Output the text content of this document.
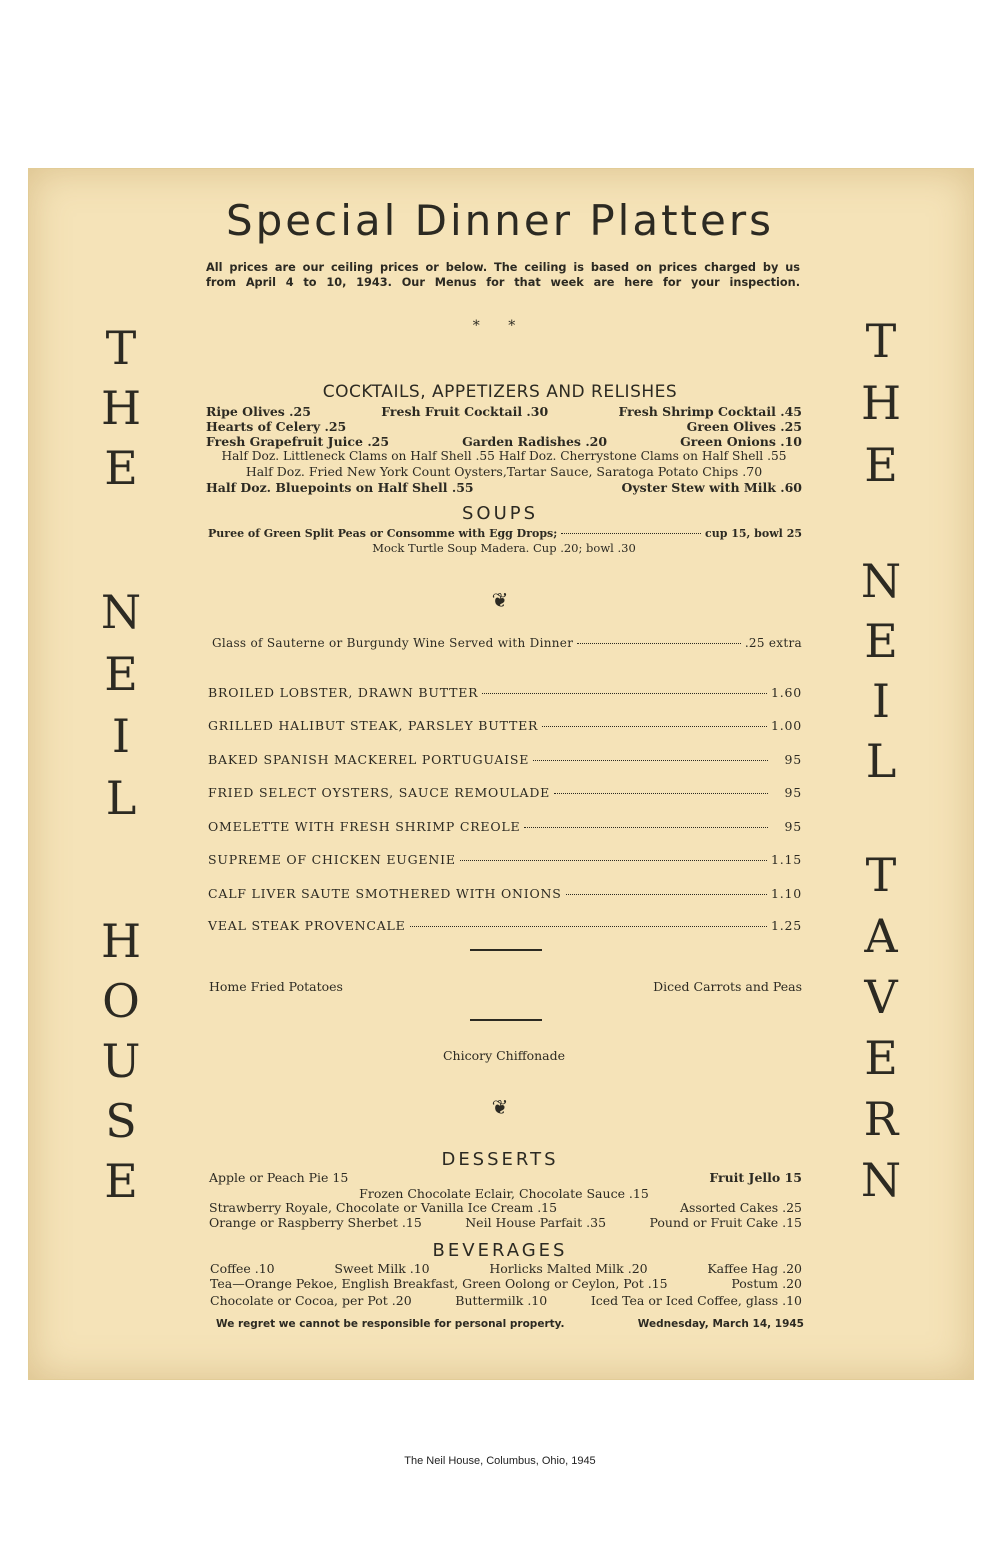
Special Dinner Platters
All prices are our ceiling prices or below. The ceiling is based on prices charged by us
from April 4 to 10, 1943. Our Menus for that week are here for your inspection.
* *
T
H
E
N
E
I
L
H
O
U
S
E
T
H
E
N
E
I
L
T
A
V
E
R
N
COCKTAILS, APPETIZERS AND RELISHES
Ripe Olives .25	Fresh Fruit Cocktail .30	Fresh Shrimp Cocktail .45
Hearts of Celery .25	Green Olives .25
Fresh Grapefruit Juice .25	Garden Radishes .20	Green Onions .10
Half Doz. Littleneck Clams on Half Shell .55 Half Doz. Cherrystone Clams on Half Shell .55
Half Doz. Fried New York Count Oysters,Tartar Sauce, Saratoga Potato Chips .70
Half Doz. Bluepoints on Half Shell .55	Oyster Stew with Milk .60
SOUPS
Puree of Green Split Peas or Consomme with Egg Drops;	cup 15, bowl 25
Mock Turtle Soup Madera. Cup .20; bowl .30
❦
Glass of Sauterne or Burgundy Wine Served with Dinner	.25 extra
BROILED LOBSTER, DRAWN BUTTER	1.60
GRILLED HALIBUT STEAK, PARSLEY BUTTER	1.00
BAKED SPANISH MACKEREL PORTUGUAISE	95
FRIED SELECT OYSTERS, SAUCE REMOULADE	95
OMELETTE WITH FRESH SHRIMP CREOLE	95
SUPREME OF CHICKEN EUGENIE	1.15
CALF LIVER SAUTE SMOTHERED WITH ONIONS	1.10
VEAL STEAK PROVENCALE	1.25
Home Fried Potatoes	Diced Carrots and Peas
Chicory Chiffonade
❦
DESSERTS
Apple or Peach Pie 15	Fruit Jello 15
Frozen Chocolate Eclair, Chocolate Sauce .15
Strawberry Royale, Chocolate or Vanilla Ice Cream .15	Assorted Cakes .25
Orange or Raspberry Sherbet .15	Neil House Parfait .35	Pound or Fruit Cake .15
BEVERAGES
Coffee .10	Sweet Milk .10	Horlicks Malted Milk .20	Kaffee Hag .20
Tea—Orange Pekoe, English Breakfast, Green Oolong or Ceylon, Pot .15	Postum .20
Chocolate or Cocoa, per Pot .20	Buttermilk .10	Iced Tea or Iced Coffee, glass .10
We regret we cannot be responsible for personal property.	Wednesday, March 14, 1945
The Neil House, Columbus, Ohio, 1945
